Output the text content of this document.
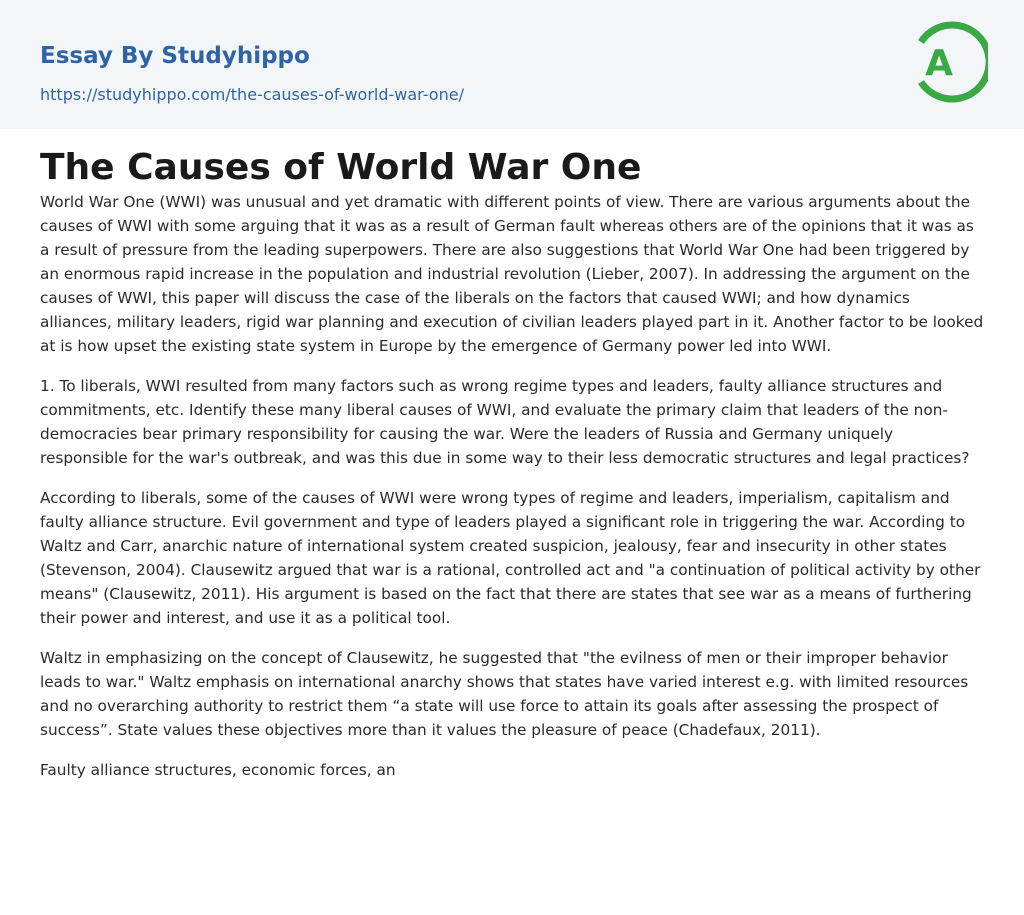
Essay By Studyhippo
https://studyhippo.com/the-causes-of-world-war-one/
A
The Causes of World War One

World War One (WWI) was unusual and yet dramatic with different points of view. There are various arguments about the causes of WWI with some arguing that it was as a result of German fault whereas others are of the opinions that it was as a result of pressure from the leading superpowers. There are also suggestions that World War One had been triggered by an enormous rapid increase in the population and industrial revolution (Lieber, 2007). In addressing the argument on the causes of WWI, this paper will discuss the case of the liberals on the factors that caused WWI; and how dynamics alliances, military leaders, rigid war planning and execution of civilian leaders played part in it. Another factor to be looked at is how upset the existing state system in Europe by the emergence of Germany power led into WWI.

1. To liberals, WWI resulted from many factors such as wrong regime types and leaders, faulty alliance structures and commitments, etc. Identify these many liberal causes of WWI, and evaluate the primary claim that leaders of the non-democracies bear primary responsibility for causing the war. Were the leaders of Russia and Germany uniquely responsible for the war's outbreak, and was this due in some way to their less democratic structures and legal practices?

According to liberals, some of the causes of WWI were wrong types of regime and leaders, imperialism, capitalism and faulty alliance structure. Evil government and type of leaders played a significant role in triggering the war. According to Waltz and Carr, anarchic nature of international system created suspicion, jealousy, fear and insecurity in other states (Stevenson, 2004). Clausewitz argued that war is a rational, controlled act and "a continuation of political activity by other means" (Clausewitz, 2011). His argument is based on the fact that there are states that see war as a means of furthering their power and interest, and use it as a political tool.

Waltz in emphasizing on the concept of Clausewitz, he suggested that "the evilness of men or their improper behavior leads to war." Waltz emphasis on international anarchy shows that states have varied interest e.g. with limited resources and no overarching authority to restrict them “a state will use force to attain its goals after assessing the prospect of success”. State values these objectives more than it values the pleasure of peace (Chadefaux, 2011).

Faulty alliance structures, economic forces, an
